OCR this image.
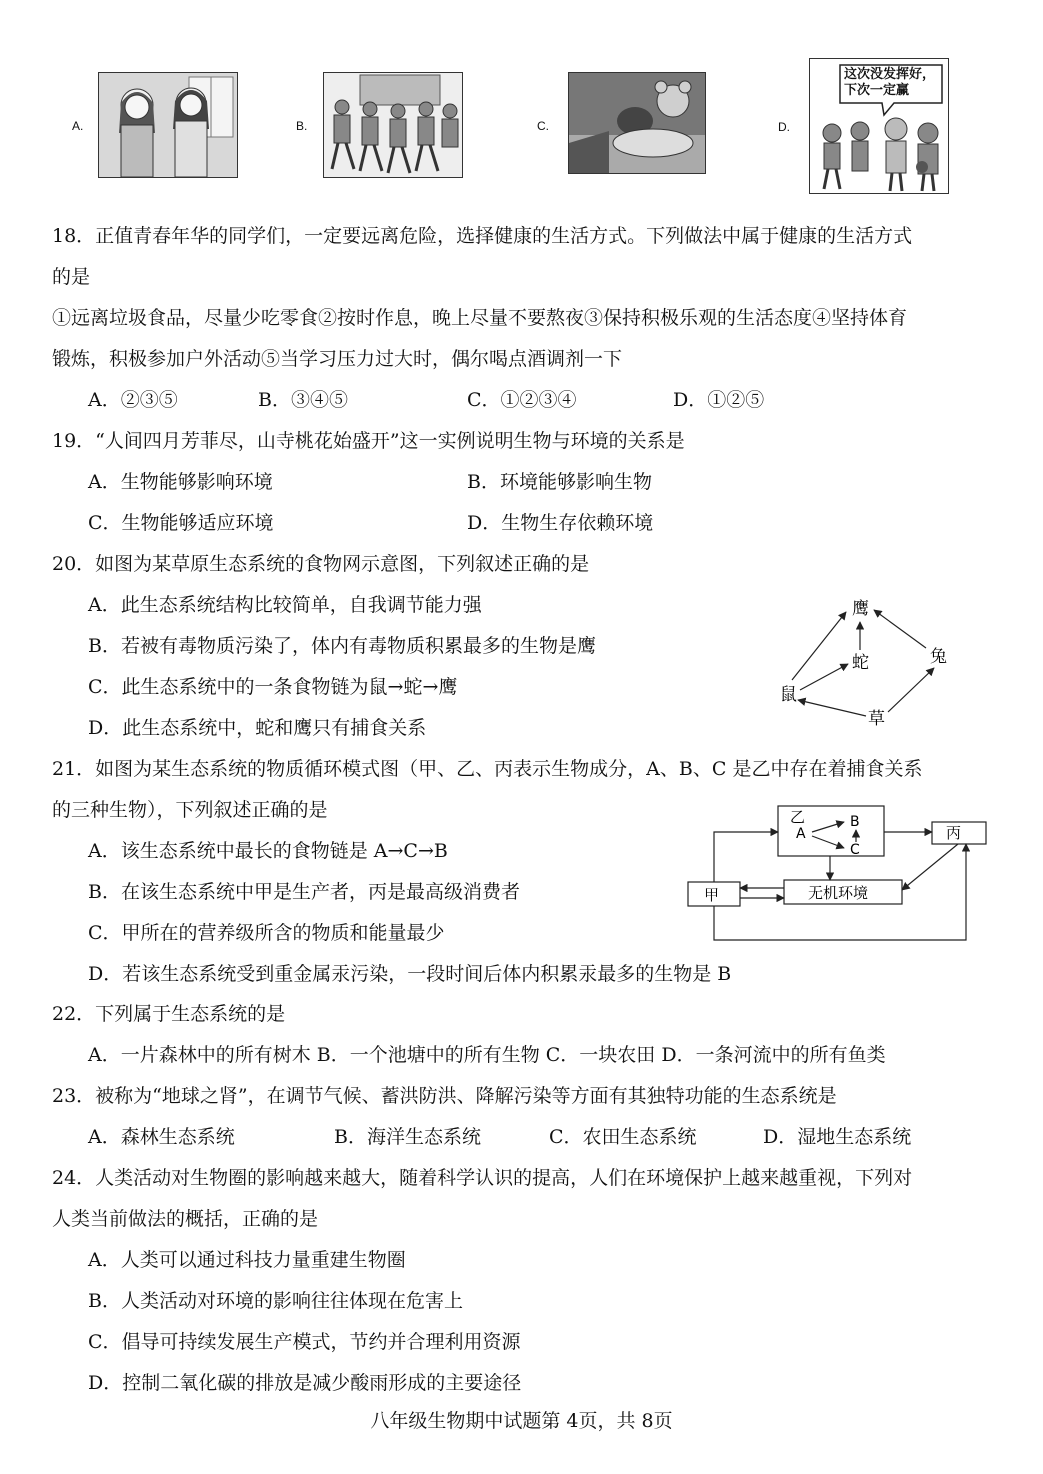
A.	B.	C.	D.
这次没发挥好，
下次一定赢
18．正值青春年华的同学们，一定要远离危险，选择健康的生活方式。下列做法中属于健康的生活方式
的是
①远离垃圾食品，尽量少吃零食②按时作息，晚上尽量不要熬夜③保持积极乐观的生活态度④坚持体育
锻炼，积极参加户外活动⑤当学习压力过大时，偶尔喝点酒调剂一下
A．②③⑤	B．③④⑤	C．①②③④	D．①②⑤
19．“人间四月芳菲尽，山寺桃花始盛开”这一实例说明生物与环境的关系是
A．生物能够影响环境	B．环境能够影响生物
C．生物能够适应环境	D．生物生存依赖环境
20．如图为某草原生态系统的食物网示意图，下列叙述正确的是
A．此生态系统结构比较简单，自我调节能力强
B．若被有毒物质污染了，体内有毒物质积累最多的生物是鹰
C．此生态系统中的一条食物链为鼠→蛇→鹰
D．此生态系统中，蛇和鹰只有捕食关系
鹰
蛇	兔
鼠
草
21．如图为某生态系统的物质循环模式图（甲、乙、丙表示生物成分，A、B、C 是乙中存在着捕食关系
的三种生物），下列叙述正确的是
A．该生态系统中最长的食物链是 A→C→B
B．在该生态系统中甲是生产者，丙是最高级消费者
C．甲所在的营养级所含的物质和能量最少
D．若该生态系统受到重金属汞污染，一段时间后体内积累汞最多的生物是 B
乙
A
B
C
丙
甲	无机环境
22．下列属于生态系统的是
A．一片森林中的所有树木 B．一个池塘中的所有生物 C．一块农田 D．一条河流中的所有鱼类
23．被称为“地球之肾”，在调节气候、蓄洪防洪、降解污染等方面有其独特功能的生态系统是
A．森林生态系统	B．海洋生态系统	C．农田生态系统	D．湿地生态系统
24．人类活动对生物圈的影响越来越大，随着科学认识的提高，人们在环境保护上越来越重视，下列对
人类当前做法的概括，正确的是
A．人类可以通过科技力量重建生物圈
B．人类活动对环境的影响往往体现在危害上
C．倡导可持续发展生产模式，节约并合理利用资源
D．控制二氧化碳的排放是减少酸雨形成的主要途径
八年级生物期中试题第 4页，共 8页
